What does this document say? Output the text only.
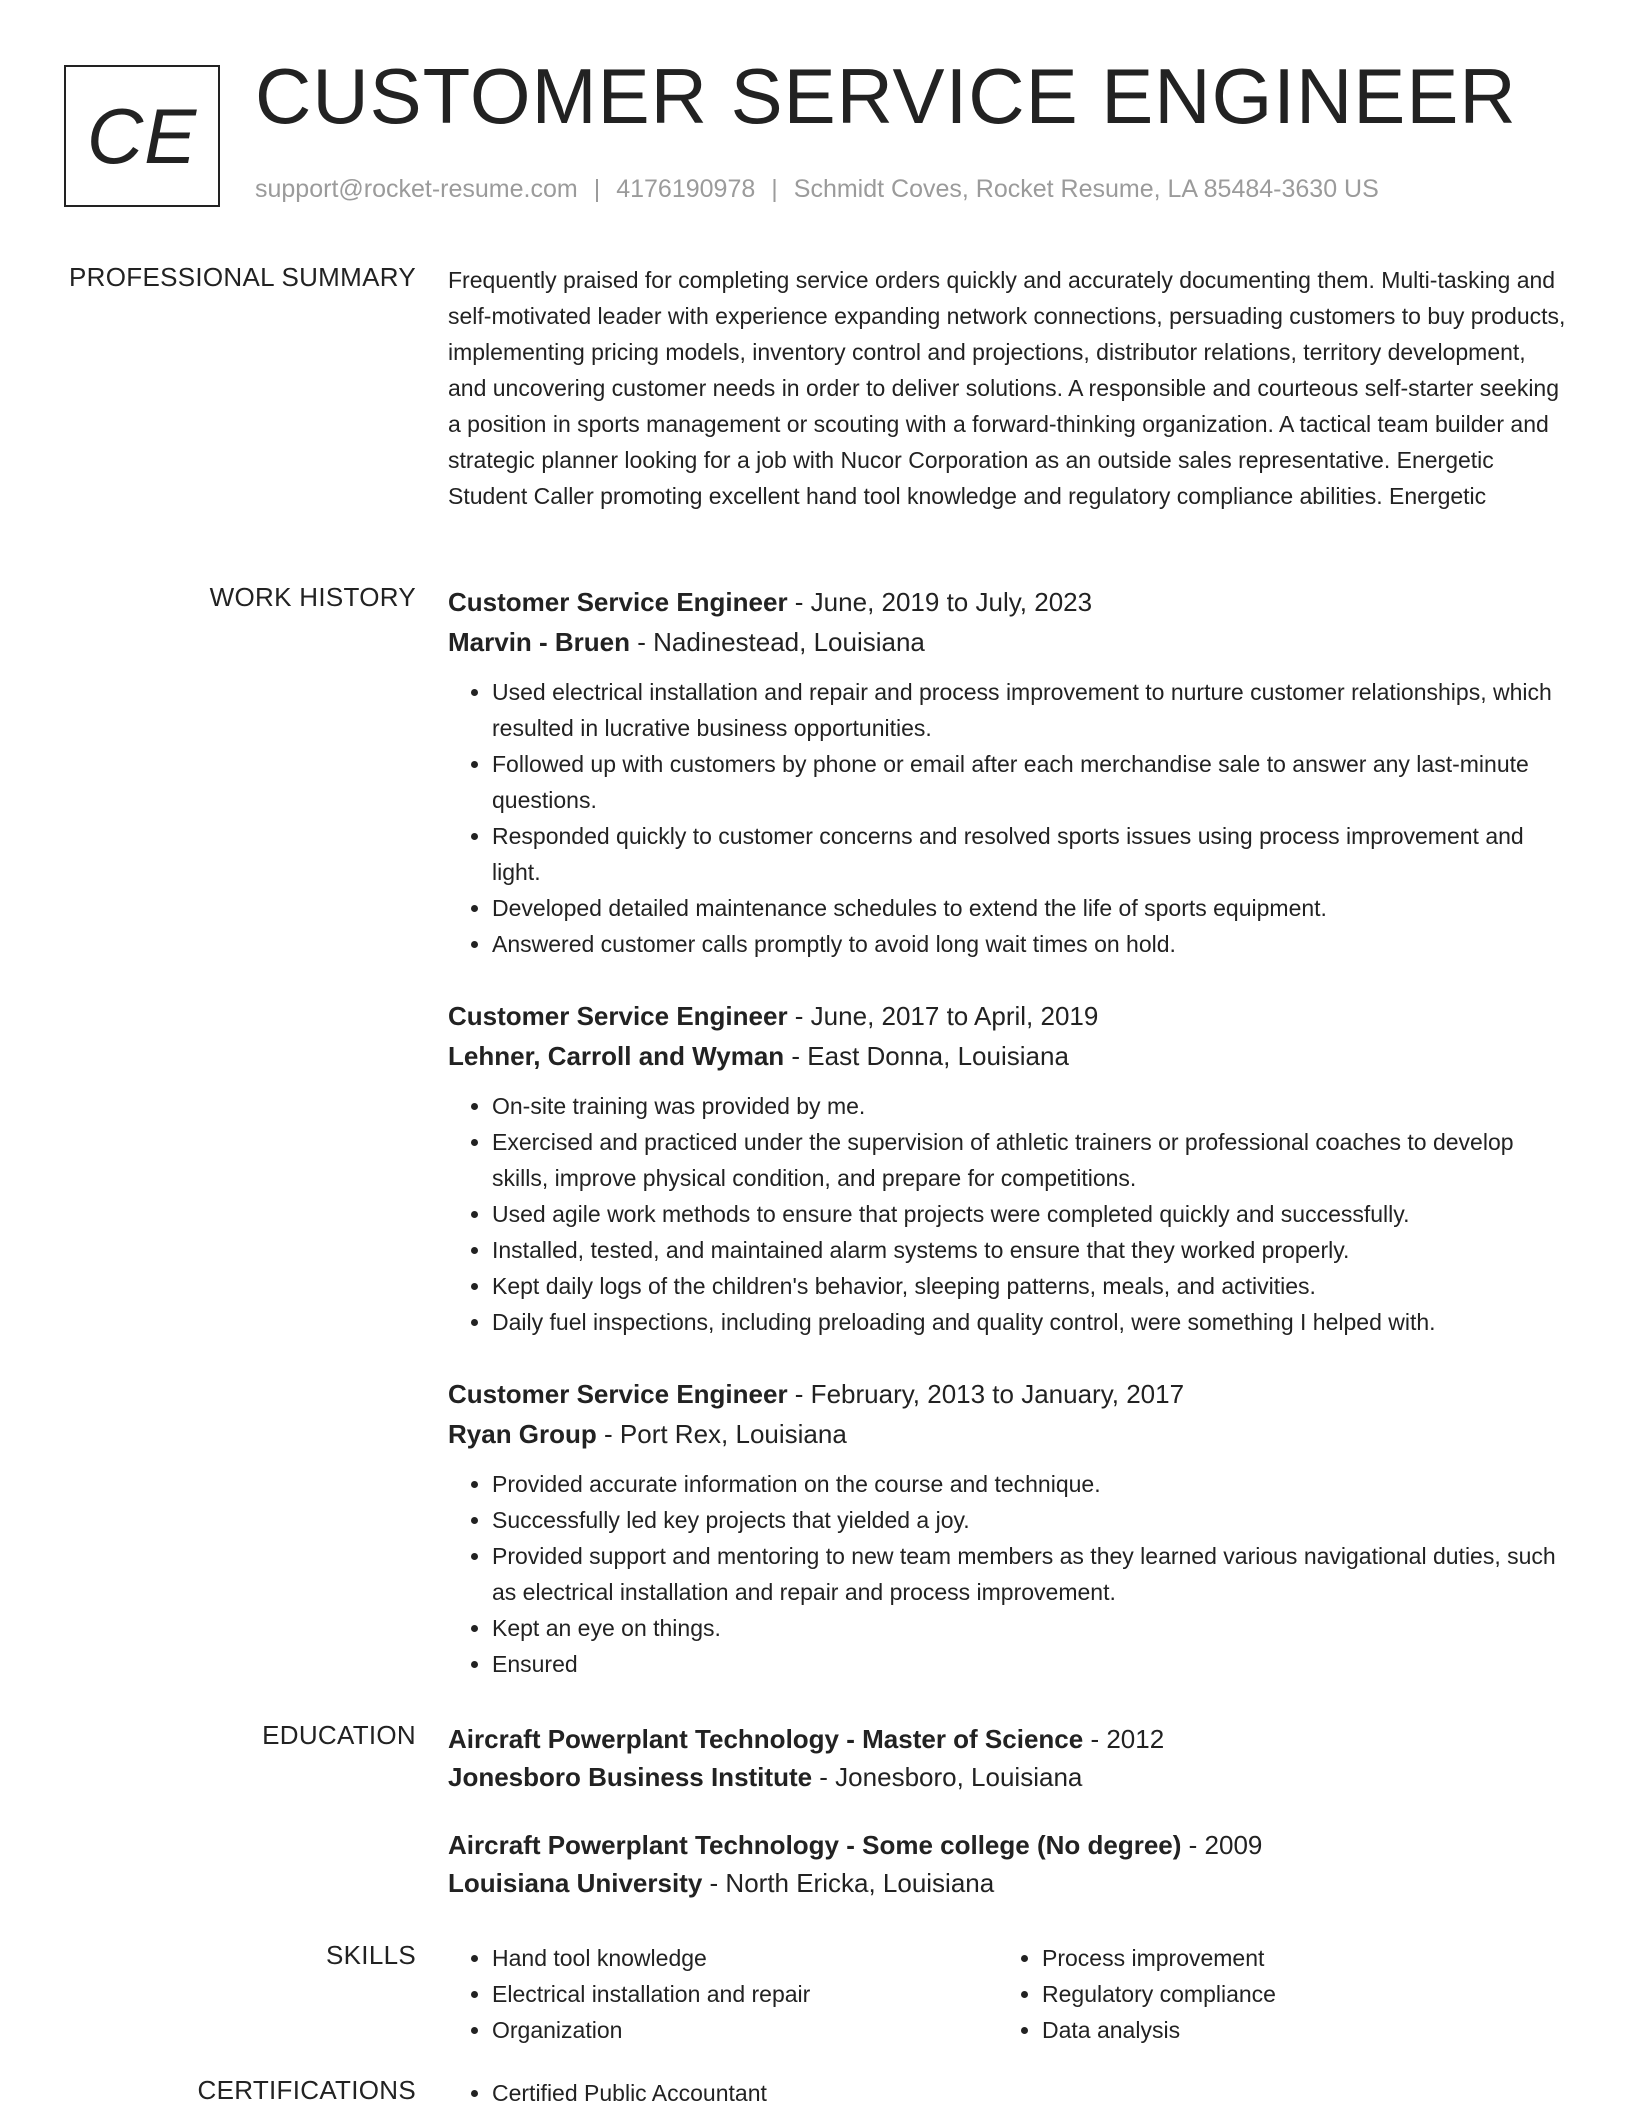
CE CUSTOMER SERVICE ENGINEER
support@rocket-resume.com | 4176190978 | Schmidt Coves, Rocket Resume, LA 85484-3630 US
PROFESSIONAL SUMMARY Frequently praised for completing service orders quickly and accurately documenting them. Multi-tasking and self-motivated leader with experience expanding network connections, persuading customers to buy products, implementing pricing models, inventory control and projections, distributor relations, territory development, and uncovering customer needs in order to deliver solutions. A responsible and courteous self-starter seeking a position in sports management or scouting with a forward-thinking organization. A tactical team builder and strategic planner looking for a job with Nucor Corporation as an outside sales representative. Energetic Student Caller promoting excellent hand tool knowledge and regulatory compliance abilities. Energetic

WORK HISTORY Customer Service Engineer - June, 2019 to July, 2023
Marvin - Bruen - Nadinestead, Louisiana
• Used electrical installation and repair and process improvement to nurture customer relationships, which resulted in lucrative business opportunities.
• Followed up with customers by phone or email after each merchandise sale to answer any last-minute questions.
• Responded quickly to customer concerns and resolved sports issues using process improvement and light.
• Developed detailed maintenance schedules to extend the life of sports equipment.
• Answered customer calls promptly to avoid long wait times on hold.
Customer Service Engineer - June, 2017 to April, 2019
Lehner, Carroll and Wyman - East Donna, Louisiana
• On-site training was provided by me.
• Exercised and practiced under the supervision of athletic trainers or professional coaches to develop skills, improve physical condition, and prepare for competitions.
• Used agile work methods to ensure that projects were completed quickly and successfully.
• Installed, tested, and maintained alarm systems to ensure that they worked properly.
• Kept daily logs of the children's behavior, sleeping patterns, meals, and activities.
• Daily fuel inspections, including preloading and quality control, were something I helped with.
Customer Service Engineer - February, 2013 to January, 2017
Ryan Group - Port Rex, Louisiana
• Provided accurate information on the course and technique.
• Successfully led key projects that yielded a joy.
• Provided support and mentoring to new team members as they learned various navigational duties, such as electrical installation and repair and process improvement.
• Kept an eye on things.
• Ensured
EDUCATION Aircraft Powerplant Technology - Master of Science - 2012
Jonesboro Business Institute - Jonesboro, Louisiana
Aircraft Powerplant Technology - Some college (No degree) - 2009
Louisiana University - North Ericka, Louisiana
SKILLS	• Hand tool knowledge
• Electrical installation and repair
• Organization
• Process improvement
• Regulatory compliance
• Data analysis
CERTIFICATIONS	• Certified Public Accountant
